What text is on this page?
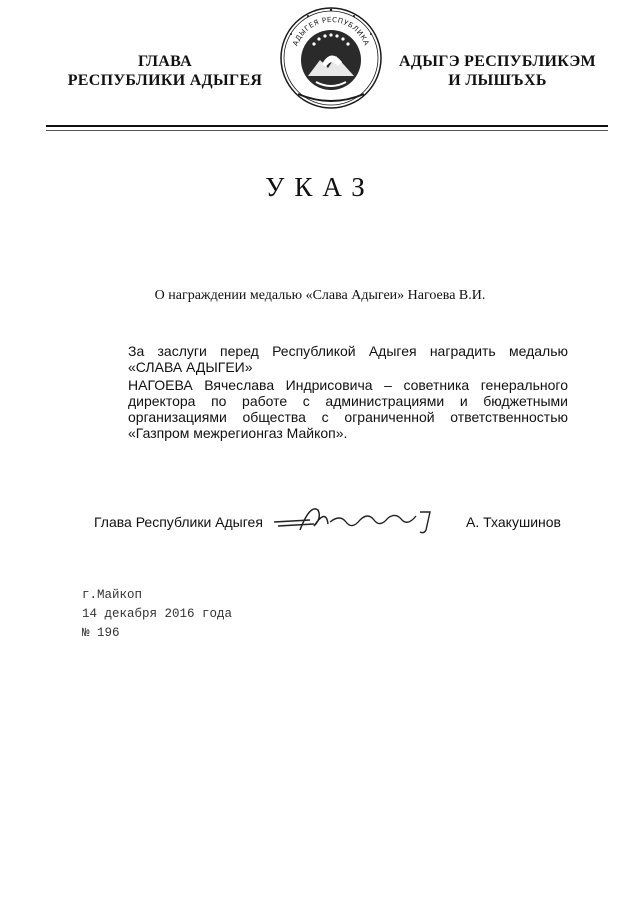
ГЛАВА
РЕСПУБЛИКИ АДЫГЕЯ
АДЫГЕЯ РЕСПУБЛИКА
АДЫГЭ РЕСПУБЛИКЭМ
И ЛЫШЪХЬ
УКАЗ
О награждении медалью «Слава Адыгеи» Нагоева В.И.

За заслуги перед Республикой Адыгея наградить медалью «СЛАВА АДЫГЕИ»

НАГОЕВА Вячеслава Индрисовича – советника генерального директора по работе с администрациями и бюджетными организациями общества с ограниченной ответственностью «Газпром межрегионгаз Майкоп».

Глава Республики Адыгея	А. Тхакушинов
г.Майкоп
14 декабря 2016 года
№ 196
